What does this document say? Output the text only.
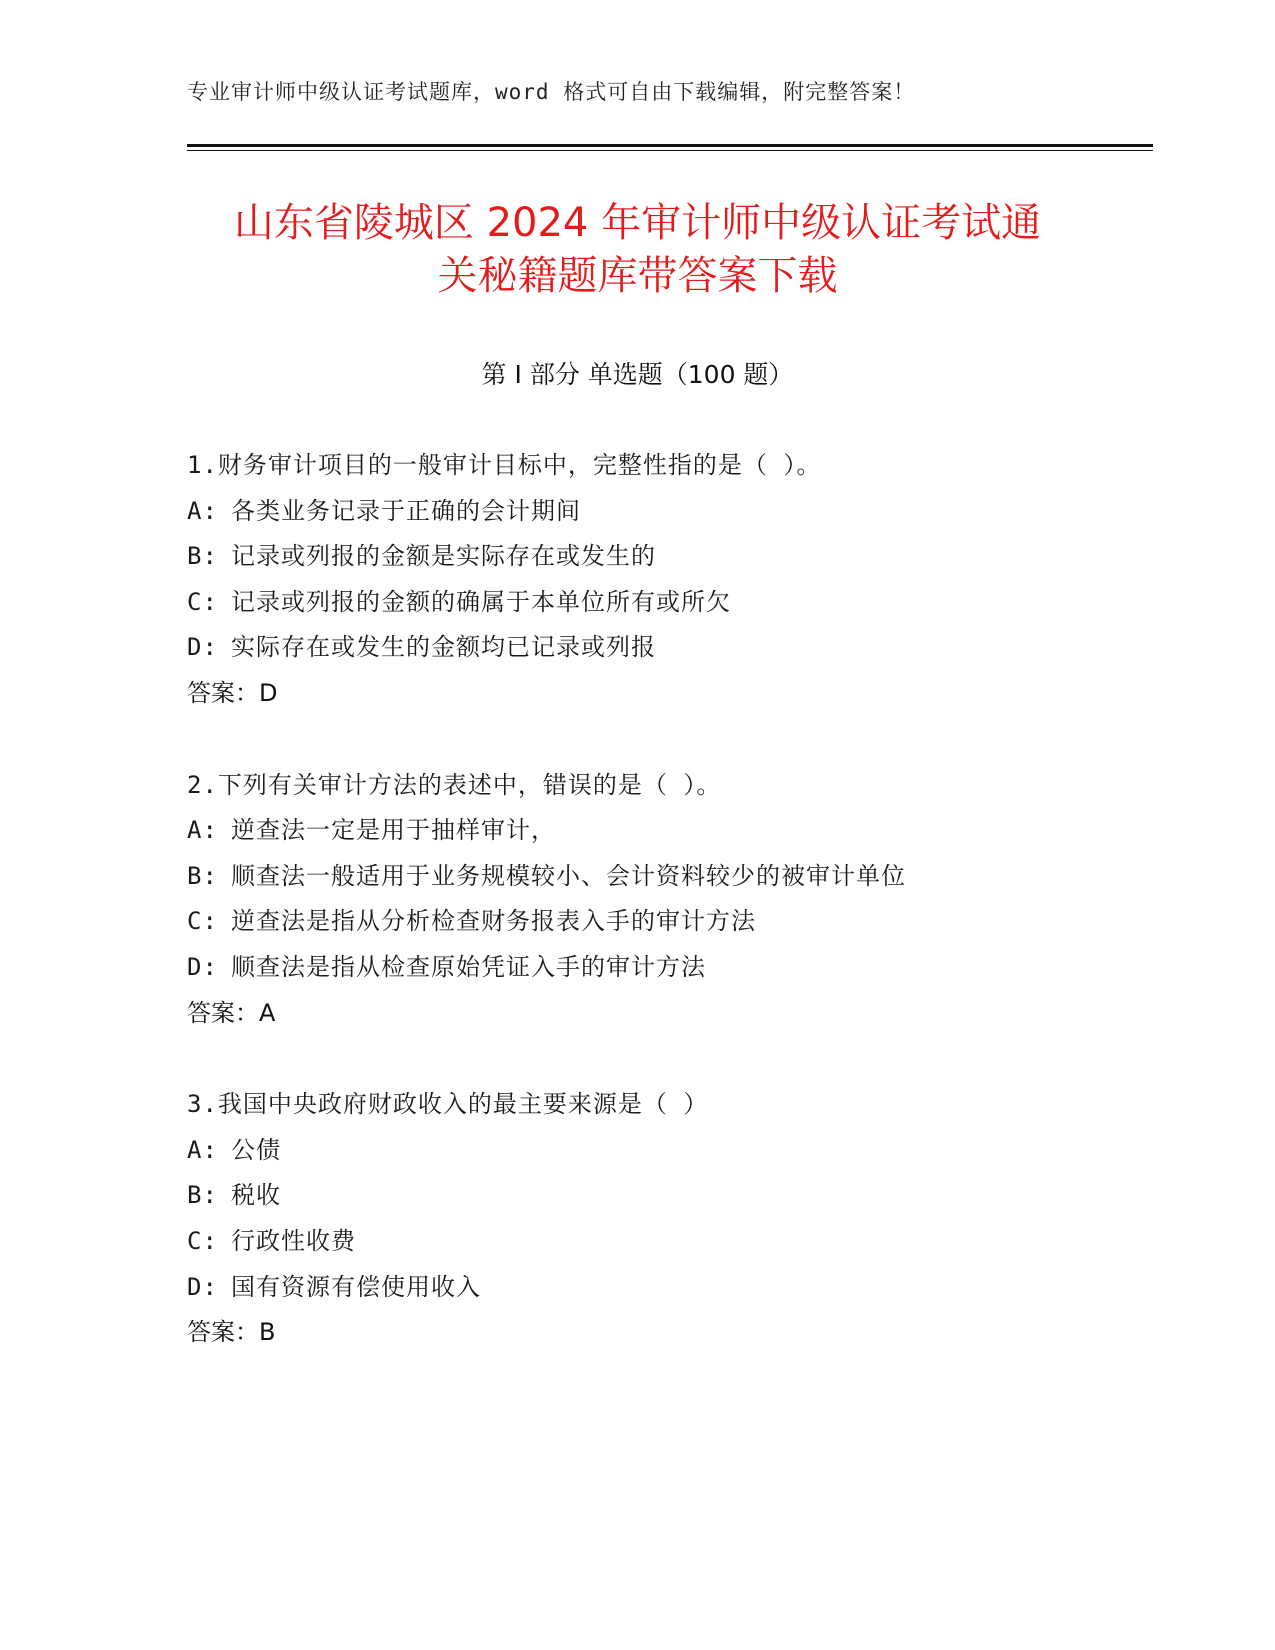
专业审计师中级认证考试题库，word 格式可自由下载编辑，附完整答案！
山东省陵城区 2024 年审计师中级认证考试通
关秘籍题库带答案下载
第 I 部分 单选题（100 题）
1.财务审计项目的一般审计目标中，完整性指的是（ ）。
A: 各类业务记录于正确的会计期间
B: 记录或列报的金额是实际存在或发生的
C: 记录或列报的金额的确属于本单位所有或所欠
D: 实际存在或发生的金额均已记录或列报
答案：D
2.下列有关审计方法的表述中，错误的是（ ）。
A: 逆查法一定是用于抽样审计，
B: 顺查法一般适用于业务规模较小、会计资料较少的被审计单位
C: 逆查法是指从分析检查财务报表入手的审计方法
D: 顺查法是指从检查原始凭证入手的审计方法
答案：A
3.我国中央政府财政收入的最主要来源是（ ）
A: 公债
B: 税收
C: 行政性收费
D: 国有资源有偿使用收入
答案：B
